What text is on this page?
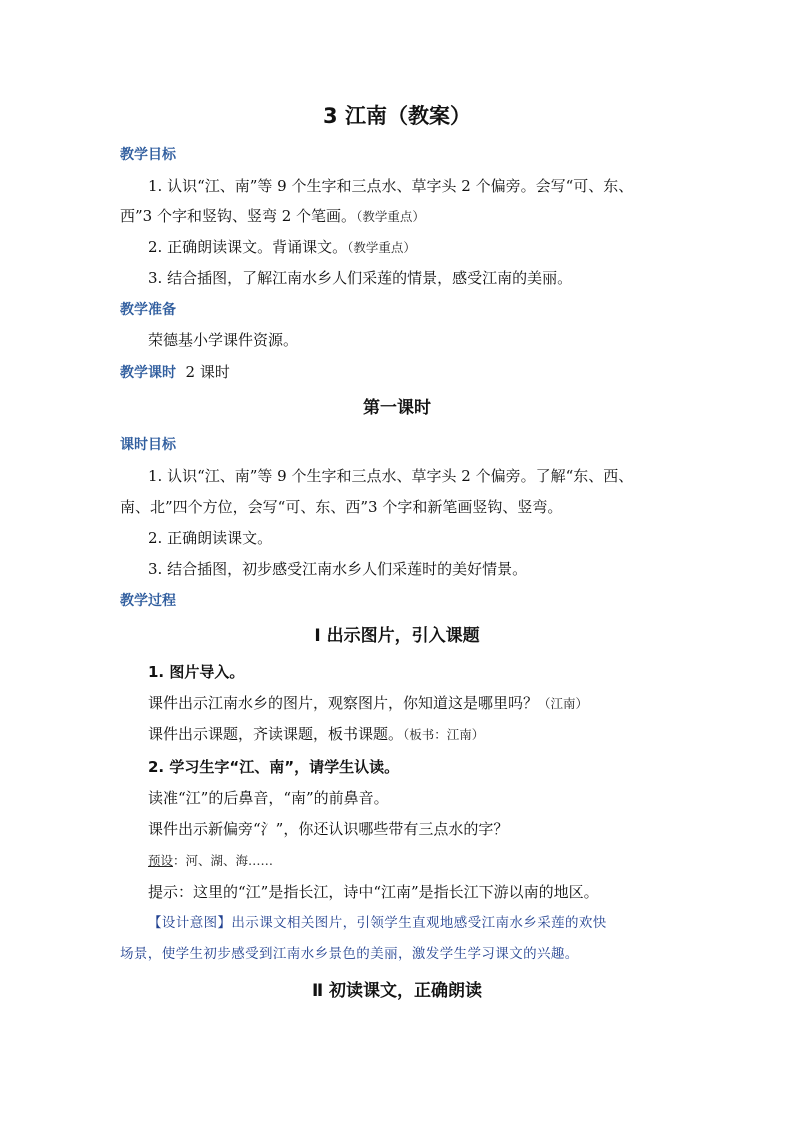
3 江南（教案）
教学目标
1. 认识“江、南”等 9 个生字和三点水、草字头 2 个偏旁。会写“可、东、
西”3 个字和竖钩、竖弯 2 个笔画。（教学重点）
2. 正确朗读课文。背诵课文。（教学重点）
3. 结合插图，了解江南水乡人们采莲的情景，感受江南的美丽。
教学准备
荣德基小学课件资源。
教学课时 2 课时
第一课时
课时目标
1. 认识“江、南”等 9 个生字和三点水、草字头 2 个偏旁。了解“东、西、
南、北”四个方位，会写“可、东、西”3 个字和新笔画竖钩、竖弯。
2. 正确朗读课文。
3. 结合插图，初步感受江南水乡人们采莲时的美好情景。
教学过程
Ⅰ 出示图片，引入课题
1. 图片导入。
课件出示江南水乡的图片，观察图片，你知道这是哪里吗？（江南）
课件出示课题，齐读课题，板书课题。（板书：江南）
2. 学习生字“江、南”，请学生认读。
读准“江”的后鼻音，“南”的前鼻音。
课件出示新偏旁“氵”，你还认识哪些带有三点水的字？
预设：河、湖、海……
提示：这里的“江”是指长江，诗中“江南”是指长江下游以南的地区。
【设计意图】出示课文相关图片，引领学生直观地感受江南水乡采莲的欢快
场景，使学生初步感受到江南水乡景色的美丽，激发学生学习课文的兴趣。
Ⅱ 初读课文，正确朗读
